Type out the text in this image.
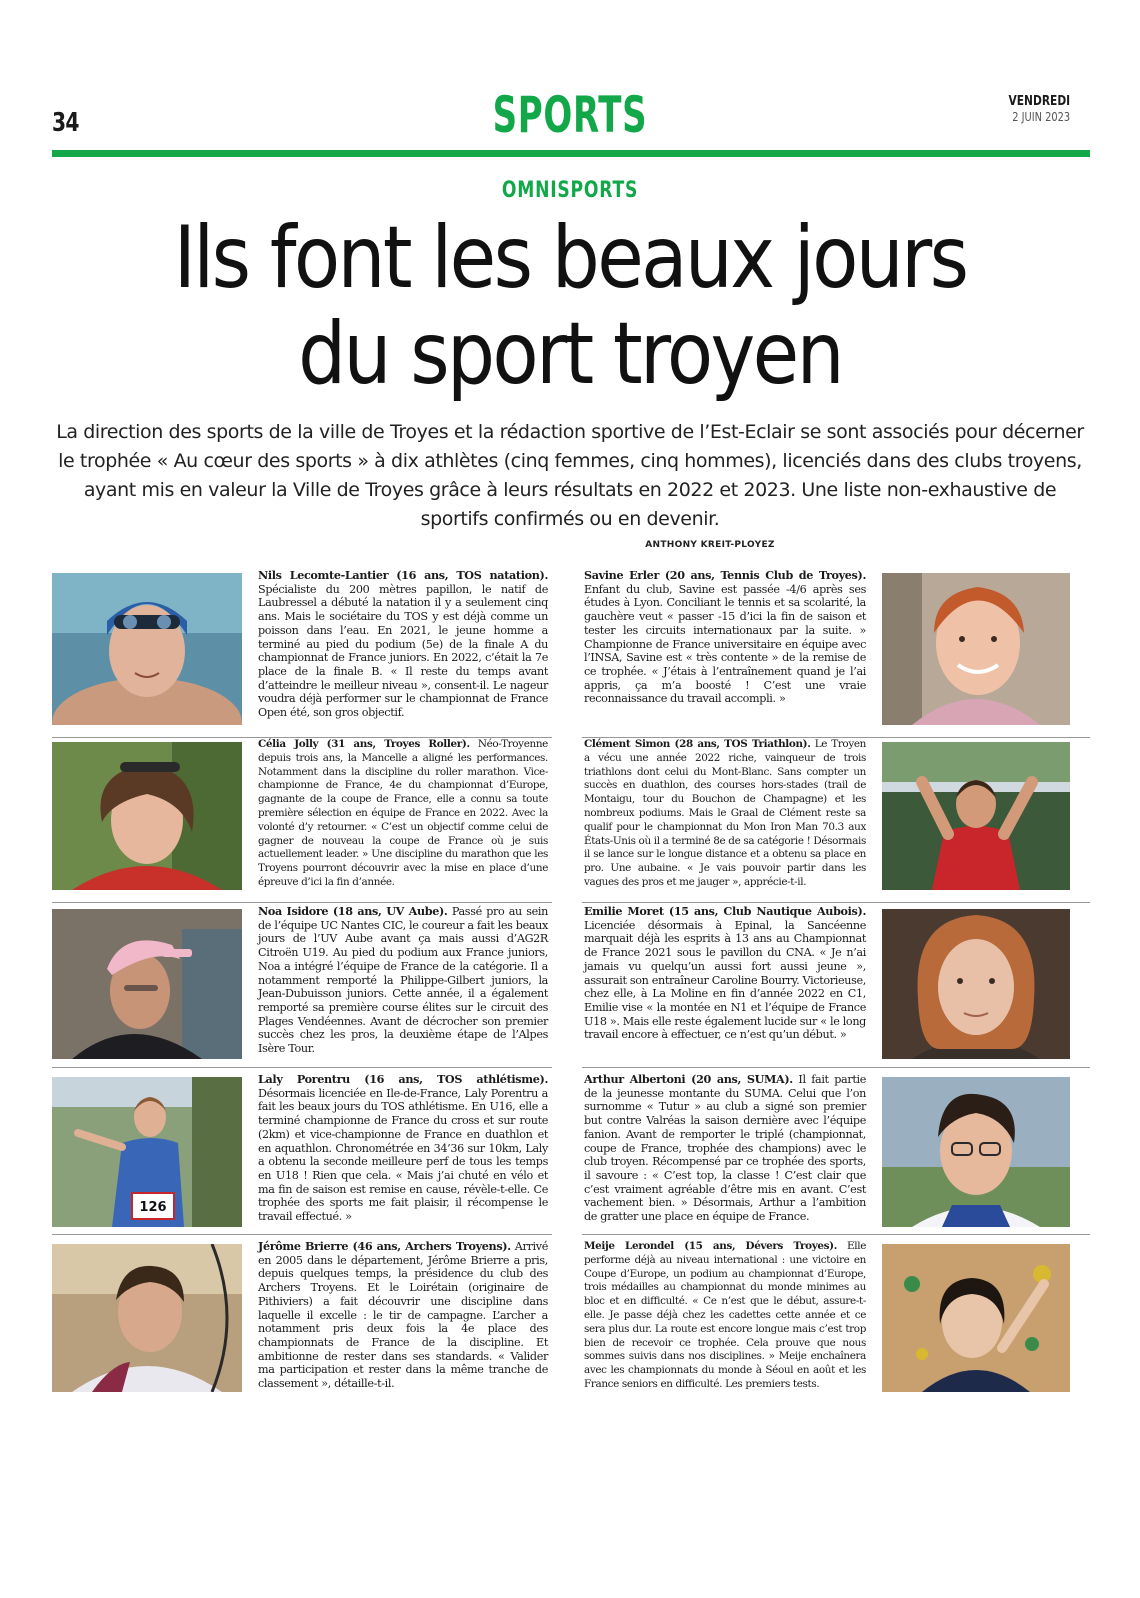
34	SPORTS	VENDREDI
2 JUIN 2023
OMNISPORTS
Ils font les beaux jours
du sport troyen
La direction des sports de la ville de Troyes et la rédaction sportive de l’Est-Eclair se sont associés pour décerner le trophée « Au cœur des sports » à dix athlètes (cinq femmes, cinq hommes), licenciés dans des clubs troyens, ayant mis en valeur la Ville de Troyes grâce à leurs résultats en 2022 et 2023. Une liste non-exhaustive de sportifs confirmés ou en devenir.
ANTHONY KREIT-PLOYEZ
Nils Lecomte-Lantier (16 ans, TOS natation). Spécialiste du 200 mètres papillon, le natif de Laubressel a débuté la natation il y a seulement cinq ans. Mais le sociétaire du TOS y est déjà comme un poisson dans l’eau. En 2021, le jeune homme a terminé au pied du podium (5e) de la finale A du championnat de France juniors. En 2022, c’était la 7e place de la finale B. « Il reste du temps avant d’atteindre le meilleur niveau », consent-il. Le nageur voudra déjà performer sur le championnat de France Open été, son gros objectif.
Savine Erler (20 ans, Tennis Club de Troyes). Enfant du club, Savine est passée -4/6 après ses études à Lyon. Conciliant le tennis et sa scolarité, la gauchère veut « passer -15 d’ici la fin de saison et tester les circuits internationaux par la suite. » Championne de France universitaire en équipe avec l’INSA, Savine est « très contente » de la remise de ce trophée. « J’étais à l’entraînement quand je l’ai appris, ça m’a boosté ! C’est une vraie reconnaissance du travail accompli. »
Célia Jolly (31 ans, Troyes Roller). Néo-Troyenne depuis trois ans, la Mancelle a aligné les performances. Notamment dans la discipline du roller marathon. Vice-championne de France, 4e du championnat d’Europe, gagnante de la coupe de France, elle a connu sa toute première sélection en équipe de France en 2022. Avec la volonté d’y retourner. « C’est un objectif comme celui de gagner de nouveau la coupe de France où je suis actuellement leader. » Une discipline du marathon que les Troyens pourront découvrir avec la mise en place d’une épreuve d’ici la fin d’année.
Clément Simon (28 ans, TOS Triathlon). Le Troyen a vécu une année 2022 riche, vainqueur de trois triathlons dont celui du Mont-Blanc. Sans compter un succès en duathlon, des courses hors-stades (trail de Montaigu, tour du Bouchon de Champagne) et les nombreux podiums. Mais le Graal de Clément reste sa qualif pour le championnat du Mon Iron Man 70.3 aux États-Unis où il a terminé 8e de sa catégorie ! Désormais il se lance sur le longue distance et a obtenu sa place en pro. Une aubaine. « Je vais pouvoir partir dans les vagues des pros et me jauger », apprécie-t-il.
Noa Isidore (18 ans, UV Aube). Passé pro au sein de l’équipe UC Nantes CIC, le coureur a fait les beaux jours de l’UV Aube avant ça mais aussi d’AG2R Citroën U19. Au pied du podium aux France juniors, Noa a intégré l’équipe de France de la catégorie. Il a notamment remporté la Philippe-Gilbert juniors, la Jean-Dubuisson juniors. Cette année, il a également remporté sa première course élites sur le circuit des Plages Vendéennes. Avant de décrocher son premier succès chez les pros, la deuxième étape de l’Alpes Isère Tour.
Emilie Moret (15 ans, Club Nautique Aubois). Licenciée désormais à Epinal, la Sancéenne marquait déjà les esprits à 13 ans au Championnat de France 2021 sous le pavillon du CNA. « Je n’ai jamais vu quelqu’un aussi fort aussi jeune », assurait son entraîneur Caroline Bourry. Victorieuse, chez elle, à La Moline en fin d’année 2022 en C1, Emilie vise « la montée en N1 et l’équipe de France U18 ». Mais elle reste également lucide sur « le long travail encore à effectuer, ce n’est qu’un début. »
126
Laly Porentru (16 ans, TOS athlétisme). Désormais licenciée en Ile-de-France, Laly Porentru a fait les beaux jours du TOS athlétisme. En U16, elle a terminé championne de France du cross et sur route (2km) et vice-championne de France en duathlon et en aquathlon. Chronométrée en 34’36 sur 10km, Laly a obtenu la seconde meilleure perf de tous les temps en U18 ! Rien que cela. « Mais j’ai chuté en vélo et ma fin de saison est remise en cause, révèle-t-elle. Ce trophée des sports me fait plaisir, il récompense le travail effectué. »
Arthur Albertoni (20 ans, SUMA). Il fait partie de la jeunesse montante du SUMA. Celui que l’on surnomme « Tutur » au club a signé son premier but contre Valréas la saison dernière avec l’équipe fanion. Avant de remporter le triplé (championnat, coupe de France, trophée des champions) avec le club troyen. Récompensé par ce trophée des sports, il savoure : « C’est top, la classe ! C’est clair que c’est vraiment agréable d’être mis en avant. C’est vachement bien. » Désormais, Arthur a l’ambition de gratter une place en équipe de France.
Jérôme Brierre (46 ans, Archers Troyens). Arrivé en 2005 dans le département, Jérôme Brierre a pris, depuis quelques temps, la présidence du club des Archers Troyens. Et le Loirétain (originaire de Pithiviers) a fait découvrir une discipline dans laquelle il excelle : le tir de campagne. L’archer a notamment pris deux fois la 4e place des championnats de France de la discipline. Et ambitionne de rester dans ses standards. « Valider ma participation et rester dans la même tranche de classement », détaille-t-il.
Meije Lerondel (15 ans, Dévers Troyes). Elle performe déjà au niveau international : une victoire en Coupe d’Europe, un podium au championnat d’Europe, trois médailles au championnat du monde minimes au bloc et en difficulté. « Ce n’est que le début, assure-t-elle. Je passe déjà chez les cadettes cette année et ce sera plus dur. La route est encore longue mais c’est trop bien de recevoir ce trophée. Cela prouve que nous sommes suivis dans nos disciplines. » Meije enchaînera avec les championnats du monde à Séoul en août et les France seniors en difficulté. Les premiers tests.
